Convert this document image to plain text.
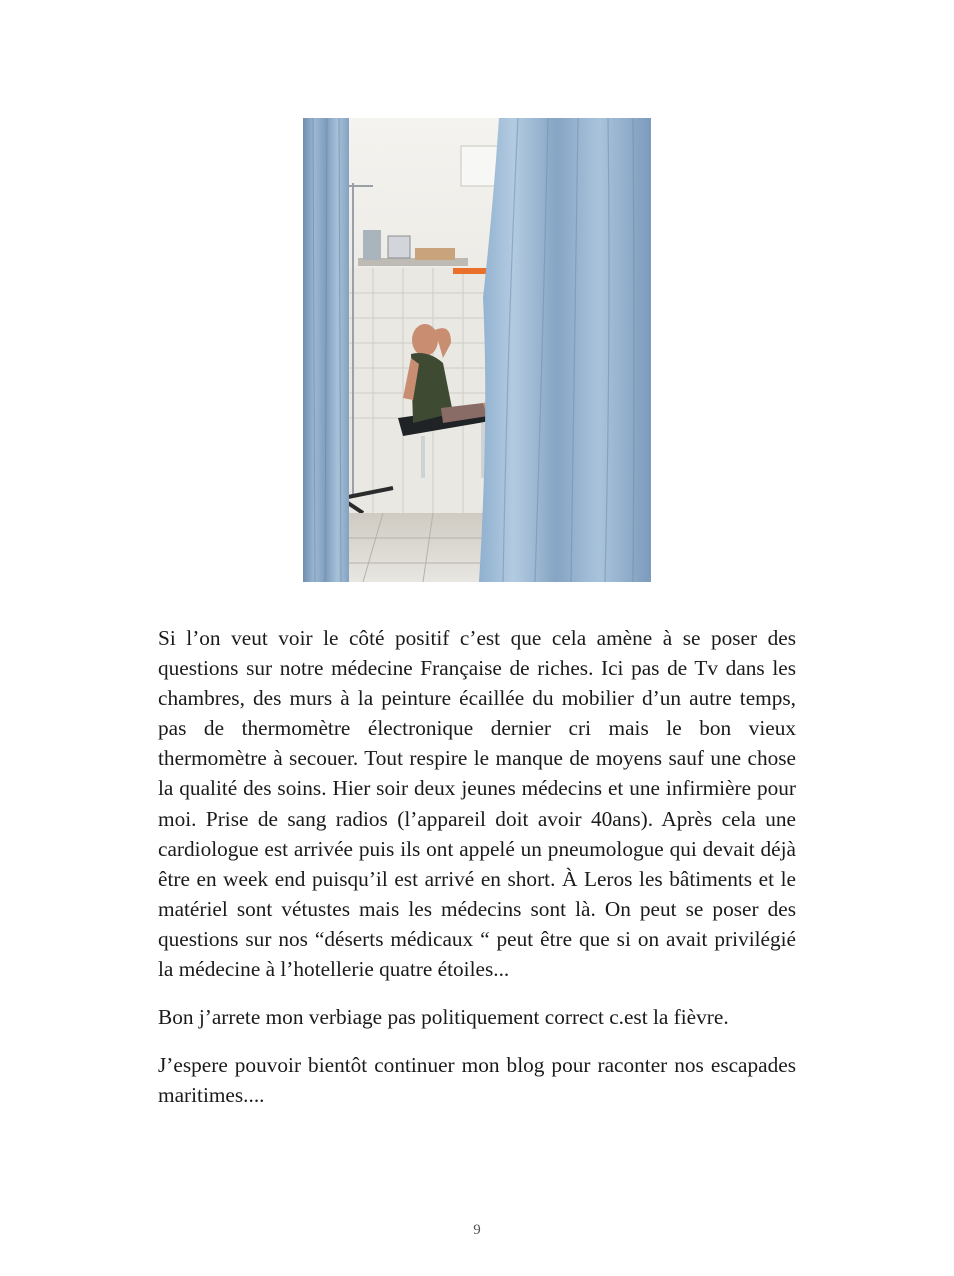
Si l’on veut voir le côté positif c’est que cela amène à se poser des questions sur notre médecine Française de riches. Ici pas de Tv dans les chambres, des murs à la peinture écaillée du mobilier d’un autre temps, pas de thermomètre électronique dernier cri mais le bon vieux thermomètre à secouer. Tout respire le manque de moyens sauf une chose la qualité des soins. Hier soir deux jeunes médecins et une infirmière pour moi. Prise de sang radios (l’appareil doit avoir 40ans). Après cela une cardiologue est arrivée puis ils ont appelé un pneumologue qui devait déjà être en week end puisqu’il est arrivé en short. À Leros les bâtiments et le matériel sont vétustes mais les médecins sont là. On peut se poser des questions sur nos “déserts médicaux “ peut être que si on avait privilégié la médecine à l’hotellerie quatre étoiles...

Bon j’arrete mon verbiage pas politiquement correct c.est la fièvre.

J’espere pouvoir bientôt continuer mon blog pour raconter nos escapades maritimes....

9
